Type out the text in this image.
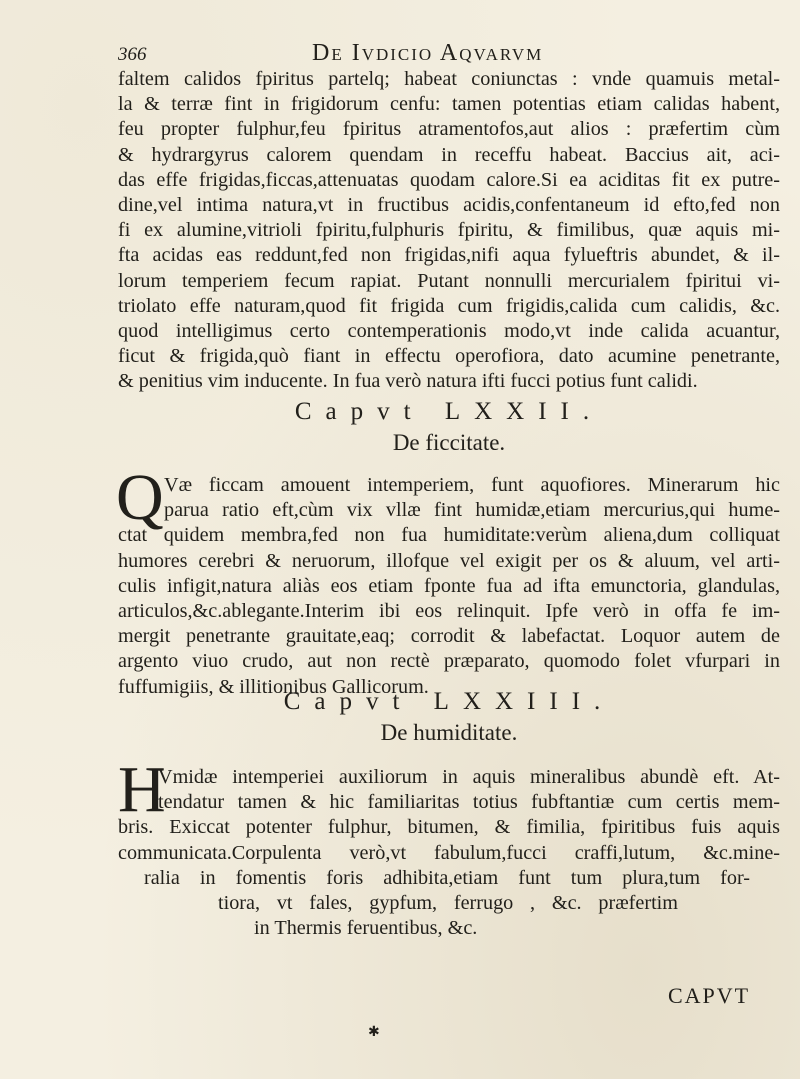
366	De Ivdicio Aqvarvm
faltem calidos fpiritus partelq; habeat coniunctas : vnde quamuis metal-
la & terræ fint in frigidorum cenfu: tamen potentias etiam calidas habent,
feu propter fulphur,feu fpiritus atramentofos,aut alios : præfertim cùm
& hydrargyrus calorem quendam in receffu habeat. Baccius ait, aci-
das effe frigidas,ficcas,attenuatas quodam calore.Si ea aciditas fit ex putre-
dine,vel intima natura,vt in fructibus acidis,confentaneum id efto,fed non
fi ex alumine,vitrioli fpiritu,fulphuris fpiritu, & fimilibus, quæ aquis mi-
fta acidas eas reddunt,fed non frigidas,nifi aqua fylueftris abundet, & il-
lorum temperiem fecum rapiat. Putant nonnulli mercurialem fpiritui vi-
triolato effe naturam,quod fit frigida cum frigidis,calida cum calidis, &c.
quod intelligimus certo contemperationis modo,vt inde calida acuantur,
ficut & frigida,quò fiant in effectu operofiora, dato acumine penetrante,
& penitius vim inducente. In fua verò natura ifti fucci potius funt calidi.
Capvt LXXII.
De ficcitate.
Q Væ ficcam amouent intemperiem, funt aquofiores. Minerarum hic
parua ratio eft,cùm vix vllæ fint humidæ,etiam mercurius,qui hume-
ctat quidem membra,fed non fua humiditate:verùm aliena,dum colliquat
humores cerebri & neruorum, illofque vel exigit per os & aluum, vel arti-
culis infigit,natura aliàs eos etiam fponte fua ad ifta emunctoria, glandulas,
articulos,&c.ablegante.Interim ibi eos relinquit. Ipfe verò in offa fe im-
mergit penetrante grauitate,eaq; corrodit & labefactat. Loquor autem de
argento viuo crudo, aut non rectè præparato, quomodo folet vfurpari in
fuffumigiis, & illitionibus Gallicorum.
Capvt LXXIII.
De humiditate.
H
Vmidæ intemperiei auxiliorum in aquis mineralibus abundè eft. At-
tendatur tamen & hic familiaritas totius fubftantiæ cum certis mem-
bris. Exiccat potenter fulphur, bitumen, & fimilia, fpiritibus fuis aquis
communicata.Corpulenta verò,vt fabulum,fucci craffi,lutum, &c.mine-
ralia in fomentis foris adhibita,etiam funt tum plura,tum for-
tiora, vt fales, gypfum, ferrugo , &c. præfertim
in Thermis feruentibus, &c.
CAPVT
✱
